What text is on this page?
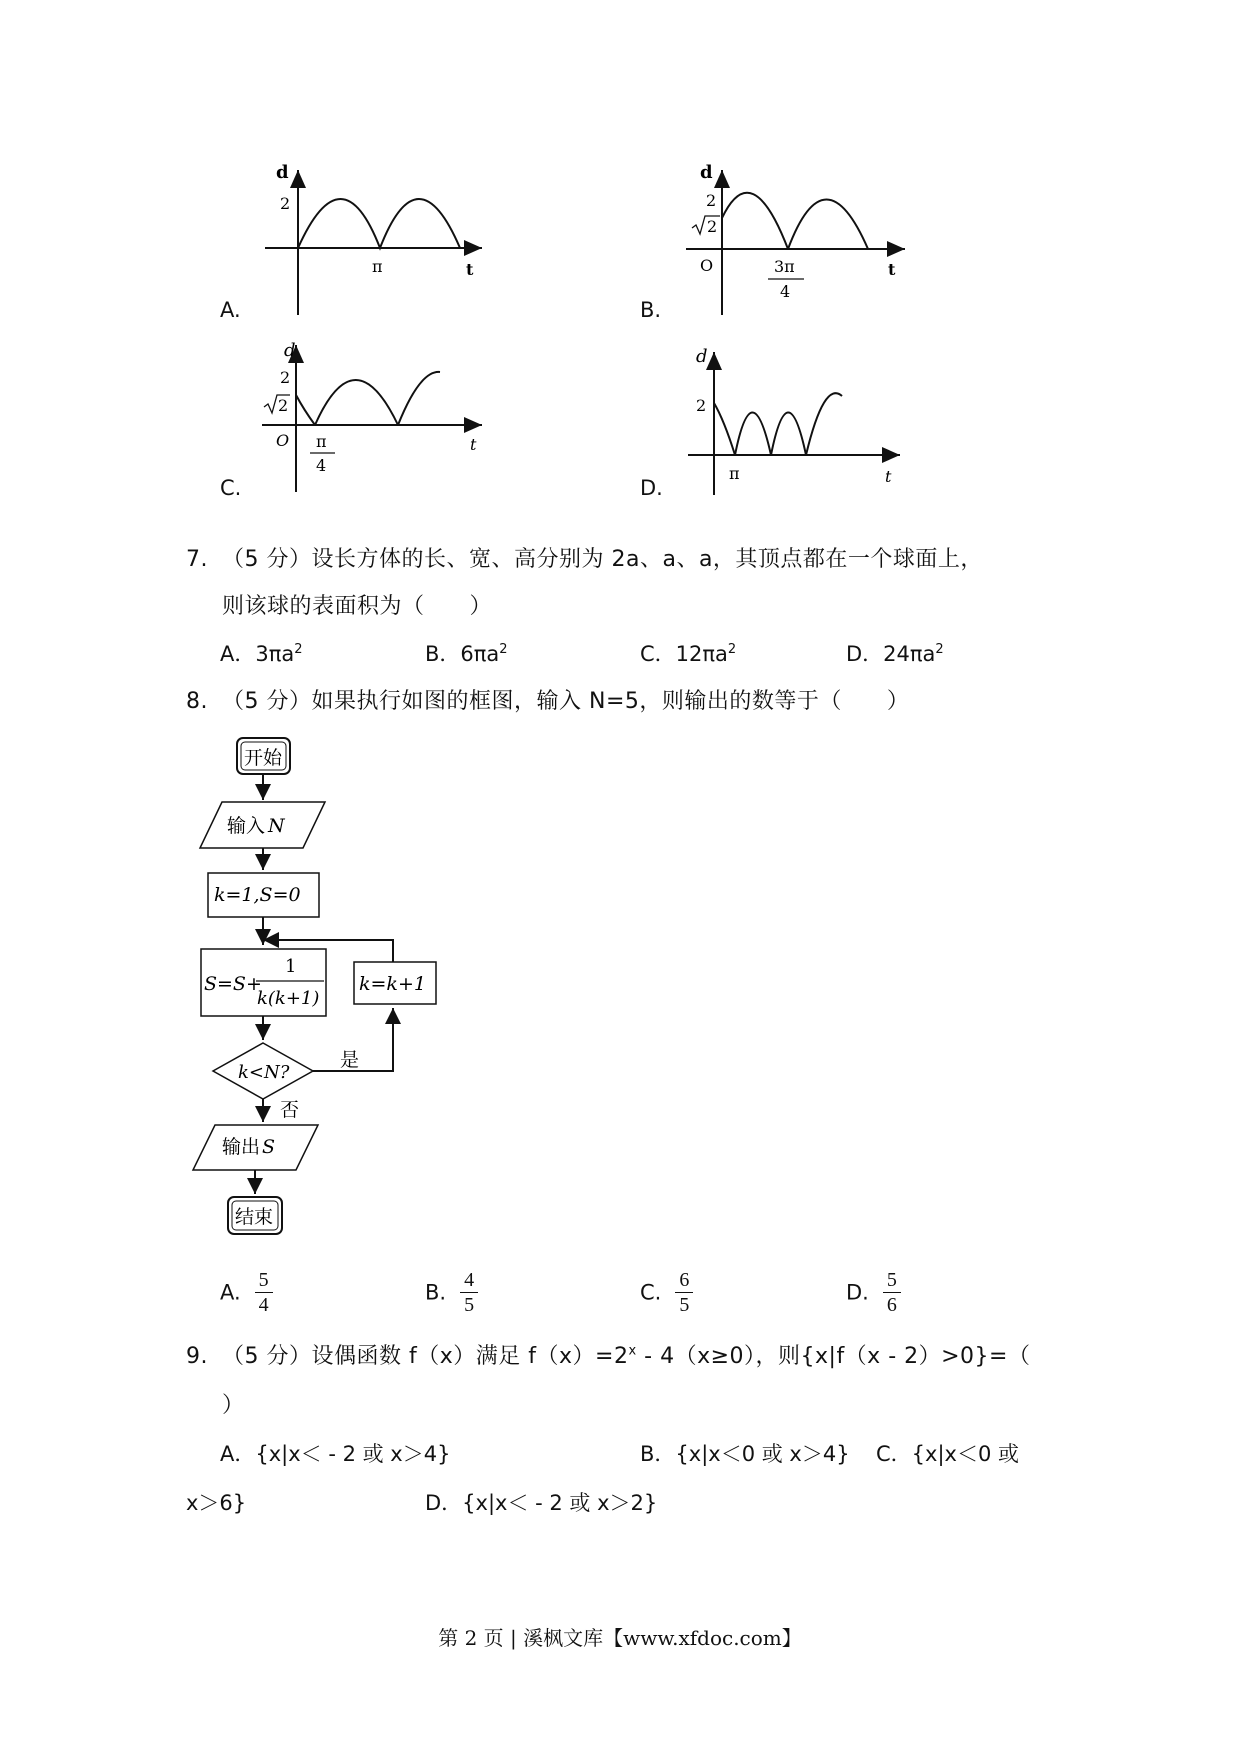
d
2
π	t
d
2
2
O	3π
4
t
d
2
2
O π
4
t
d
2
π	t
A.	B.
C.	D.
7. （5 分）设长方体的长、宽、高分别为 2a、a、a，其顶点都在一个球面上，
则该球的表面积为（　　）
A．$3\pi a^2$	B．$6\pi a^2$	C．$12\pi a^2$	D．$24\pi a^2$
8. （5 分）如果执行如图的框图，输入 N=5，则输出的数等于（　　）
开始
输入 N
k=1,S=0
S=S+
1
k(k+1)
k=k+1
k<N?
是
否
输出 S
结束
A. $\frac{5}{4}$	B. $\frac{4}{5}$	C. $\frac{6}{5}$	D. $\frac{5}{6}$
9. （5 分）设偶函数 f（x）满足 $f(x)=2^x - 4(x\ge 0)$，则{x|f（x - 2）>0}=（
）
A．{x|x＜ - 2 或 x＞4}	B．{x|x＜0 或 x＞4} C．{x|x＜0 或
x＞6}	D．{x|x＜ - 2 或 x＞2}
第 2 页 | 溪枫文库【www.xfdoc.com】
